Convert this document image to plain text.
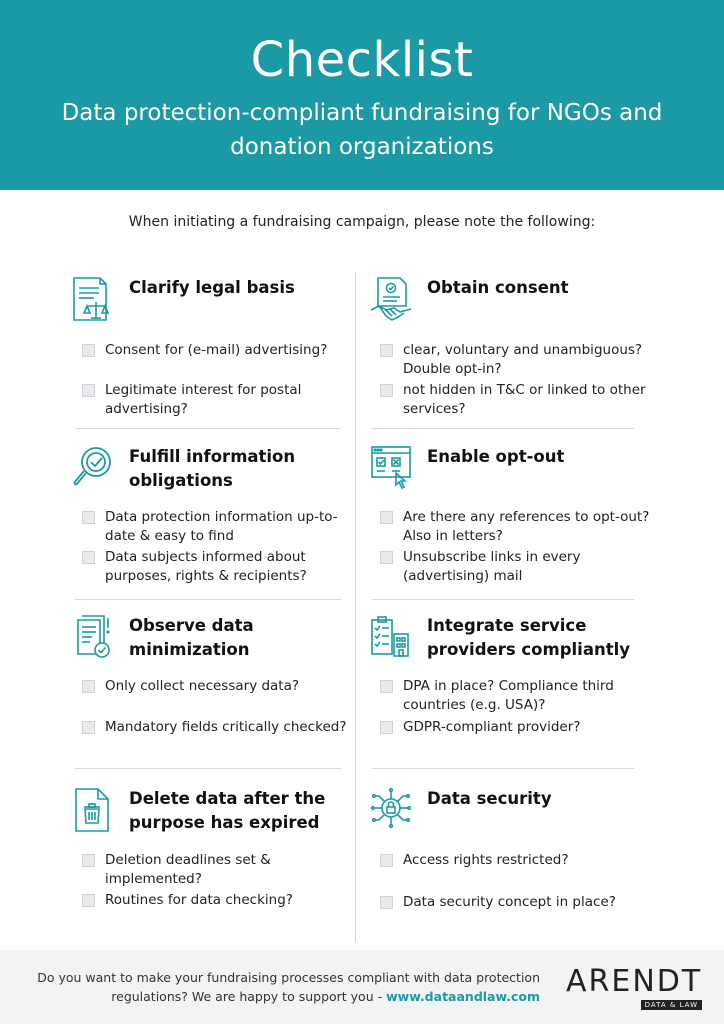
Checklist
Data protection-compliant fundraising for NGOs and
donation organizations
When initiating a fundraising campaign, please note the following:
Clarify legal basis
Consent for (e-mail) advertising?
Legitimate interest for postal
advertising?
Obtain consent
clear, voluntary and unambiguous?
Double opt-in?
not hidden in T&C or linked to other
services?
Fulfill information
obligations
Data protection information up-to-
date & easy to find
Data subjects informed about
purposes, rights & recipients?
Enable opt-out
Are there any references to opt-out?
Also in letters?
Unsubscribe links in every
(advertising) mail
Observe data
minimization
Only collect necessary data?
Mandatory fields critically checked?
Integrate service
providers compliantly
DPA in place? Compliance third
countries (e.g. USA)?
GDPR-compliant provider?
Delete data after the
purpose has expired
Deletion deadlines set &
implemented?
Routines for data checking?
Data security
Access rights restricted?
Data security concept in place?
Do you want to make your fundraising processes compliant with data protection
regulations? We are happy to support you - www.dataandlaw.com ARENDT
DATA & LAW
